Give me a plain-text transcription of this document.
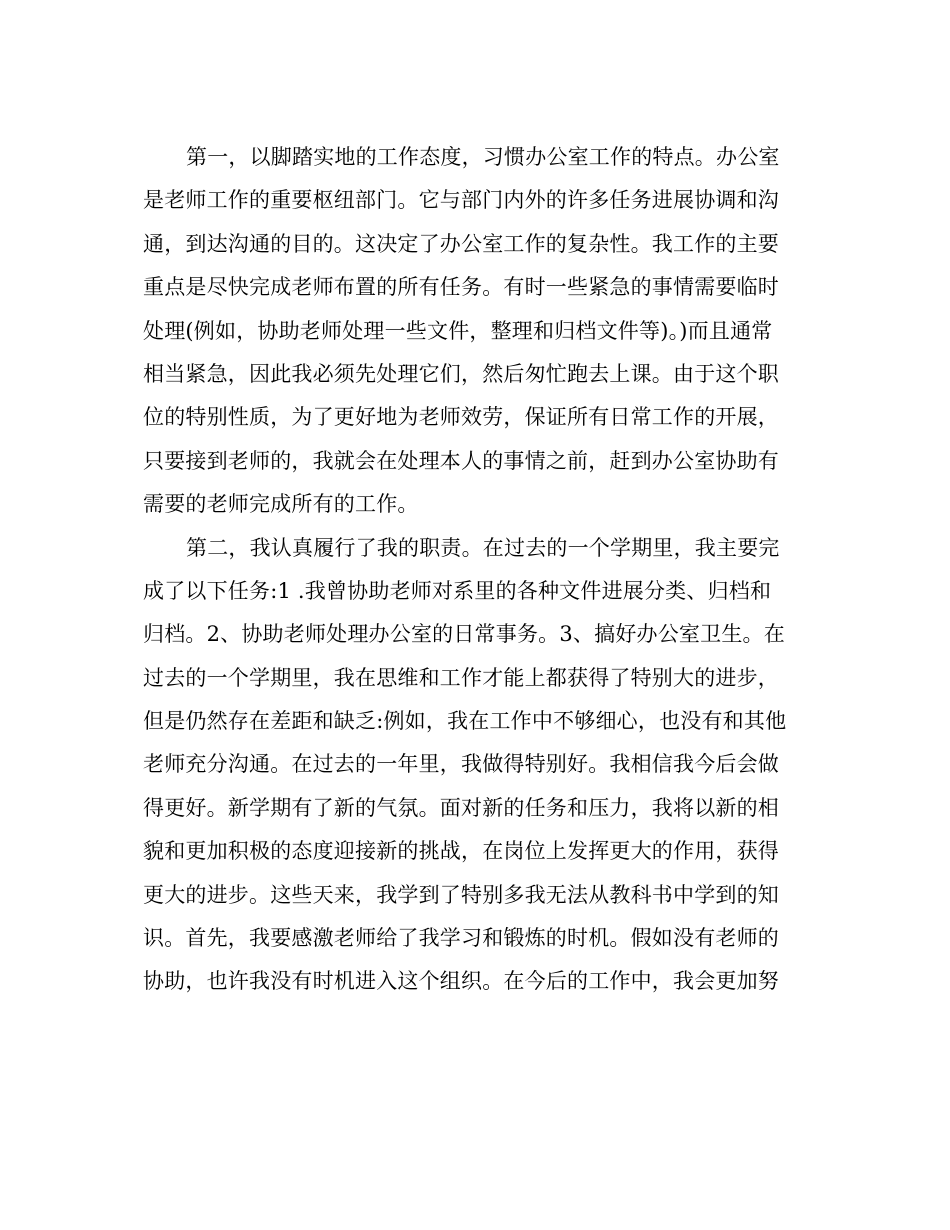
第一，以脚踏实地的工作态度，习惯办公室工作的特点。办公室
是老师工作的重要枢纽部门。它与部门内外的许多任务进展协调和沟
通，到达沟通的目的。这决定了办公室工作的复杂性。我工作的主要
重点是尽快完成老师布置的所有任务。有时一些紧急的事情需要临时
处理(例如，协助老师处理一些文件，整理和归档文件等)。)而且通常
相当紧急，因此我必须先处理它们，然后匆忙跑去上课。由于这个职
位的特别性质，为了更好地为老师效劳，保证所有日常工作的开展，
只要接到老师的，我就会在处理本人的事情之前，赶到办公室协助有
需要的老师完成所有的工作。
第二，我认真履行了我的职责。在过去的一个学期里，我主要完
成了以下任务:1 .我曾协助老师对系里的各种文件进展分类、归档和
归档。2、协助老师处理办公室的日常事务。3、搞好办公室卫生。在
过去的一个学期里，我在思维和工作才能上都获得了特别大的进步，
但是仍然存在差距和缺乏:例如，我在工作中不够细心，也没有和其他
老师充分沟通。在过去的一年里，我做得特别好。我相信我今后会做
得更好。新学期有了新的气氛。面对新的任务和压力，我将以新的相
貌和更加积极的态度迎接新的挑战，在岗位上发挥更大的作用，获得
更大的进步。这些天来，我学到了特别多我无法从教科书中学到的知
识。首先，我要感激老师给了我学习和锻炼的时机。假如没有老师的
协助，也许我没有时机进入这个组织。在今后的工作中，我会更加努
